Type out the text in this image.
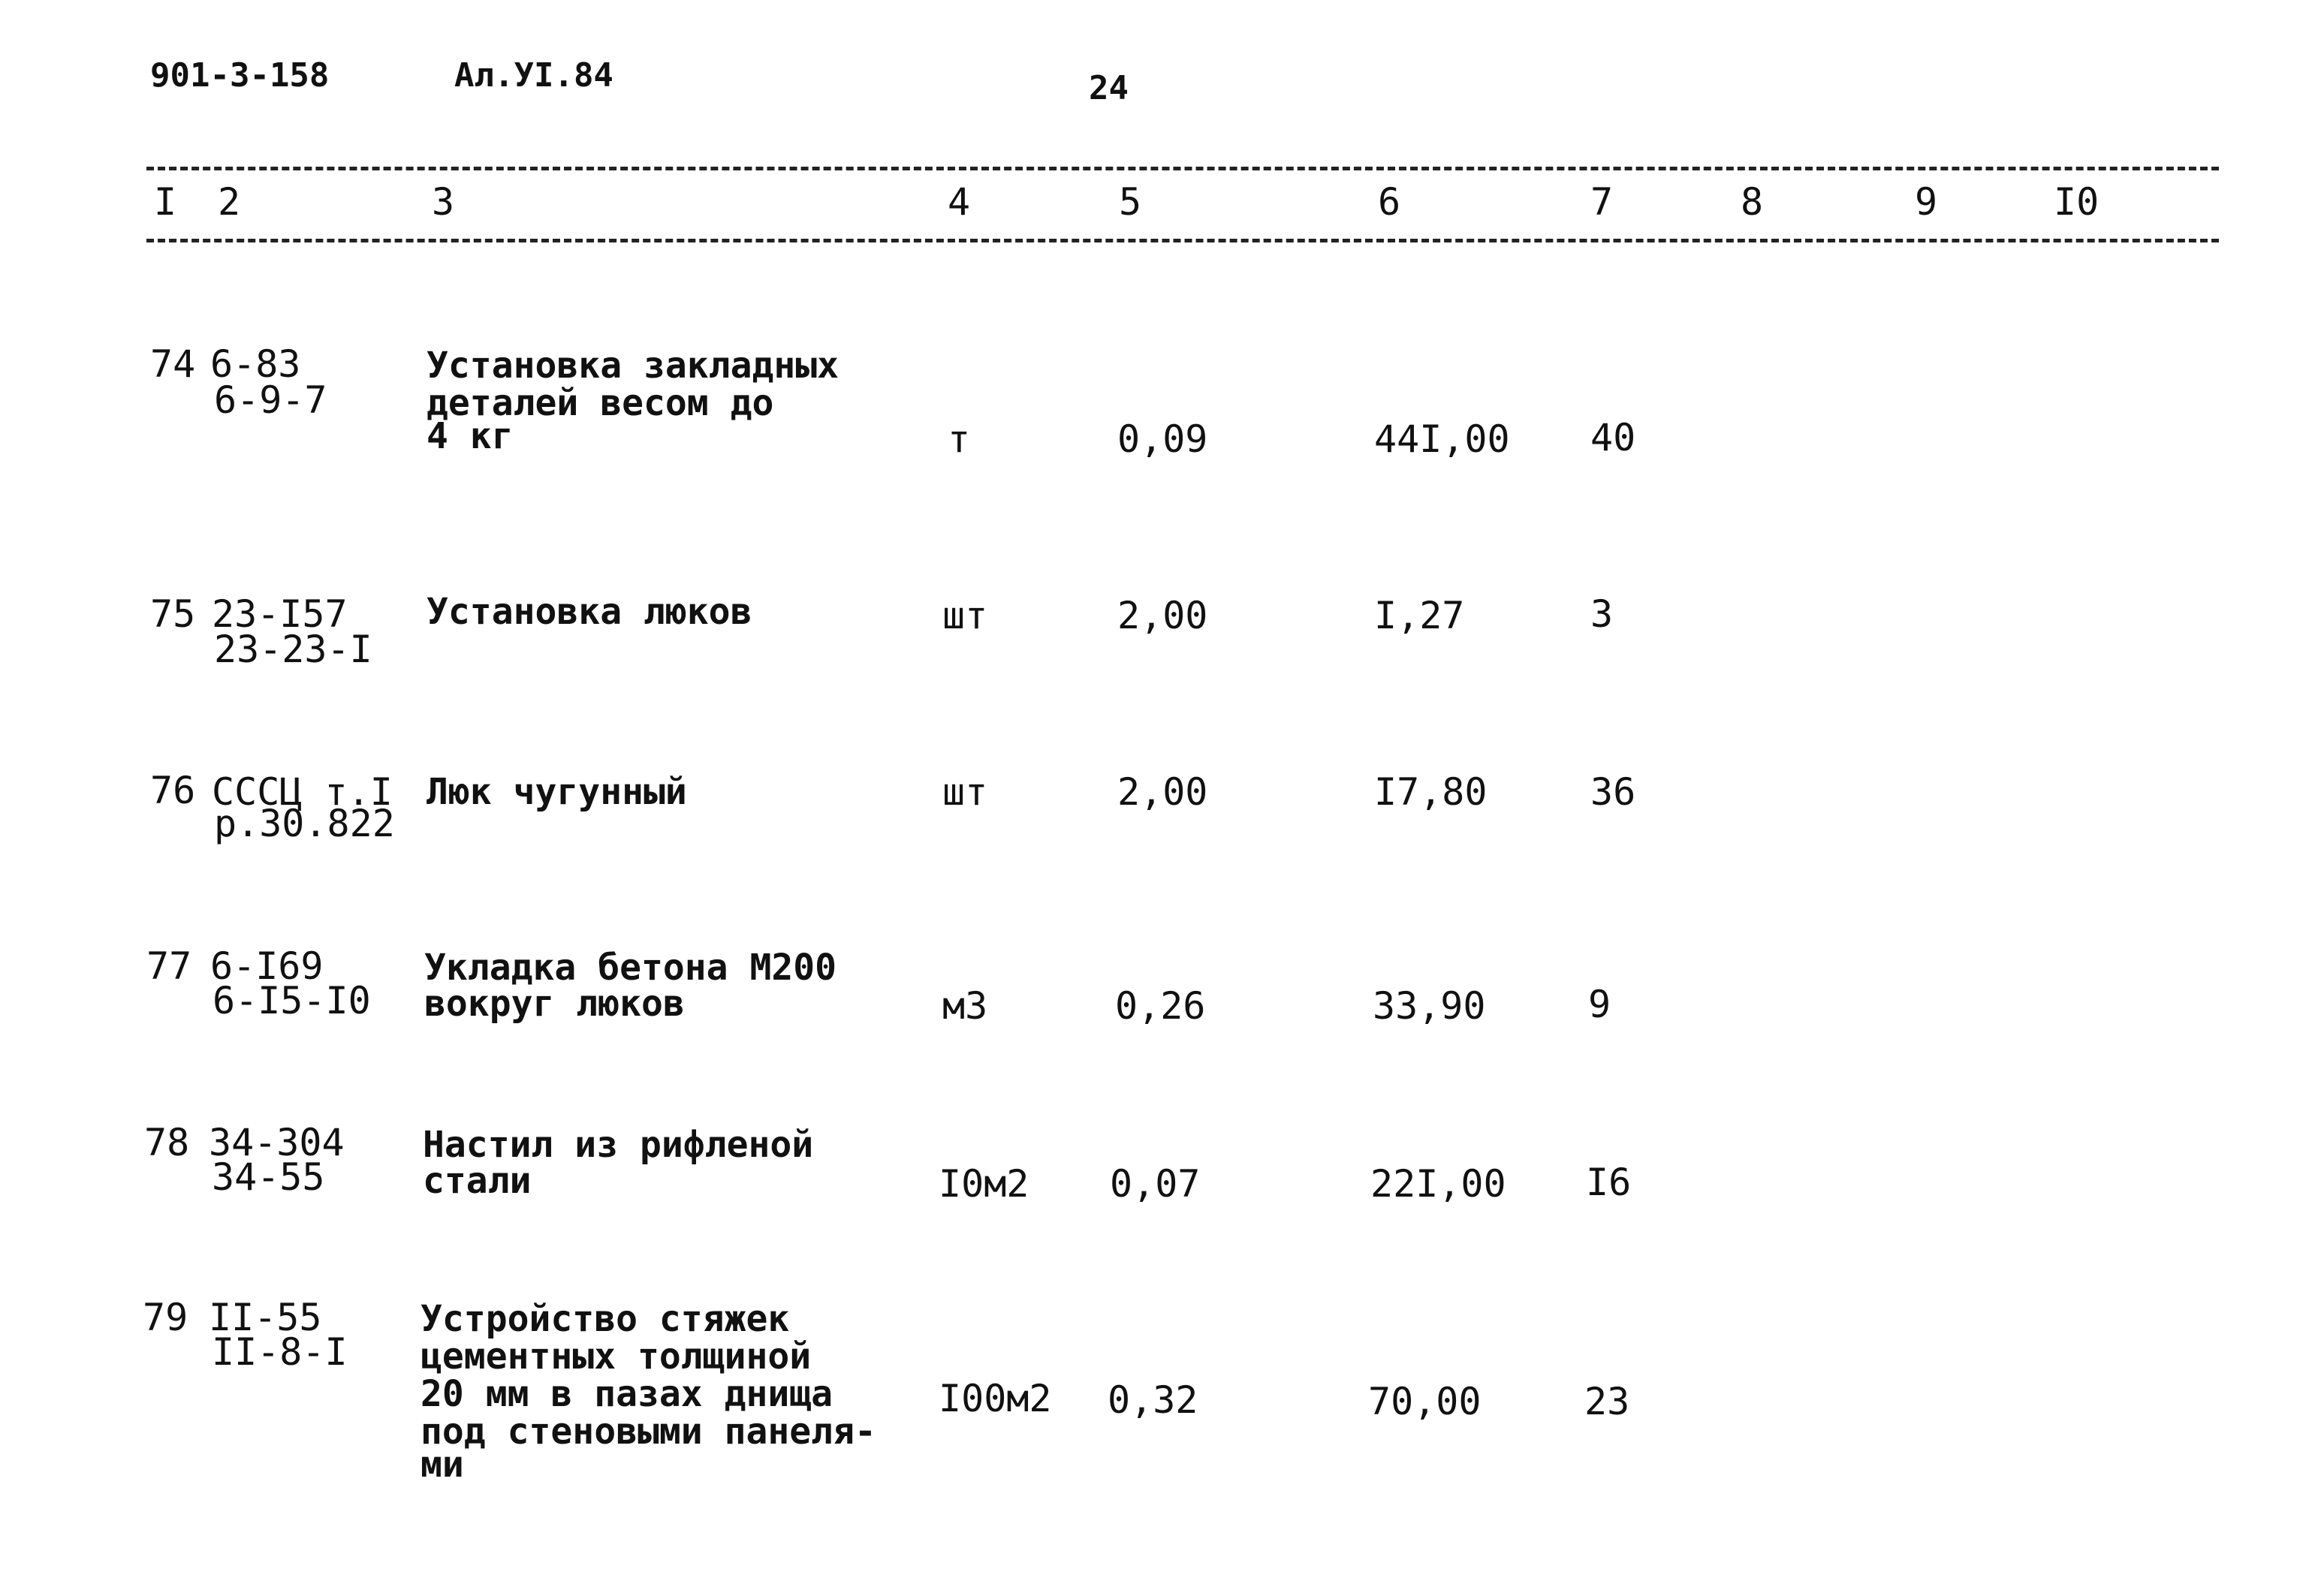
901-3-158	Ал.УI.84	24
I 2	3	4	5	6	7	8	9	I0
74 6-83
6-9-7
Установка закладных
деталей весом до
4 кг	т	0,09	44I,00 40
75 23-I57
23-23-I
Установка люков	шт	2,00	I,27	3
76 СССЦ т.I
р.30.822
Люк чугунный	шт	2,00	I7,80	36
77 6-I69
6-I5-I0
Укладка бетона М200
вокруг люков	м3	0,26	33,90	9
78 34-304
34-55
Настил из рифленой
стали	I0м2 0,07	22I,00 I6
79 II-55
II-8-I
Устройство стяжек
цементных толщиной
20 мм в пазах днища
под стеновыми панеля-
ми
I00м2 0,32	70,00	23
